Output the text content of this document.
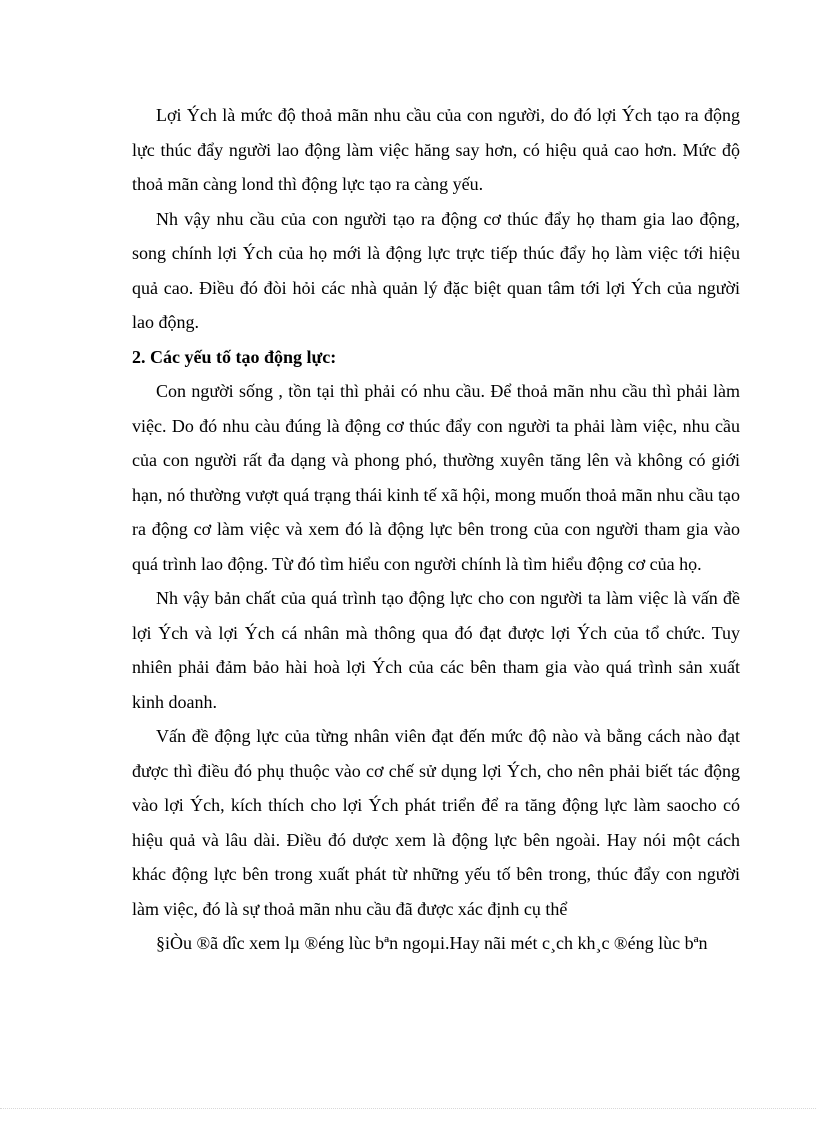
Lợi Ých là mức độ thoả mãn nhu cầu của con người, do đó lợi Ých tạo ra động lực thúc đẩy người lao động làm việc hăng say hơn, có hiệu quả cao hơn. Mức độ thoả mãn càng lond thì động lực tạo ra càng yếu.

Nh vậy nhu cầu của con người tạo ra động cơ thúc đẩy họ tham gia lao động, song chính lợi Ých của họ mới là động lực trực tiếp thúc đẩy họ làm việc tới hiệu quả cao. Điều đó đòi hỏi các nhà quản lý đặc biệt quan tâm tới lợi Ých của người lao động.

2. Các yếu tố tạo động lực:

Con người sống , tồn tại thì phải có nhu cầu. Để thoả mãn nhu cầu thì phải làm việc. Do đó nhu càu đúng là động cơ thúc đẩy con người ta phải làm việc, nhu cầu của con người rất đa dạng và phong phó, thường xuyên tăng lên và không có giới hạn, nó thường vượt quá trạng thái kinh tế xã hội, mong muốn thoả mãn nhu cầu tạo ra động cơ làm việc và xem đó là động lực bên trong của con người tham gia vào quá trình lao động. Từ đó tìm hiểu con người chính là tìm hiểu động cơ của họ.

Nh vậy bản chất của quá trình tạo động lực cho con người ta làm việc là vấn đề lợi Ých và lợi Ých cá nhân mà thông qua đó đạt được lợi Ých của tổ chức. Tuy nhiên phải đảm bảo hài hoà lợi Ých của các bên tham gia vào quá trình sản xuất kinh doanh.

Vấn đề động lực của từng nhân viên đạt đến mức độ nào và bằng cách nào đạt được thì điều đó phụ thuộc vào cơ chế sử dụng lợi Ých, cho nên phải biết tác động vào lợi Ých, kích thích cho lợi Ých phát triển để ra tăng động lực làm saocho có hiệu quả và lâu dài. Điều đó dược xem là động lực bên ngoài. Hay nói một cách khác động lực bên trong xuất phát từ những yếu tố bên trong, thúc đẩy con người làm việc, đó là sự thoả mãn nhu cầu đã được xác định cụ thể

§iÒu ®ã dîc xem lµ ®éng lùc bªn ngoµi.Hay nãi mét c¸ch kh¸c ®éng lùc bªn
